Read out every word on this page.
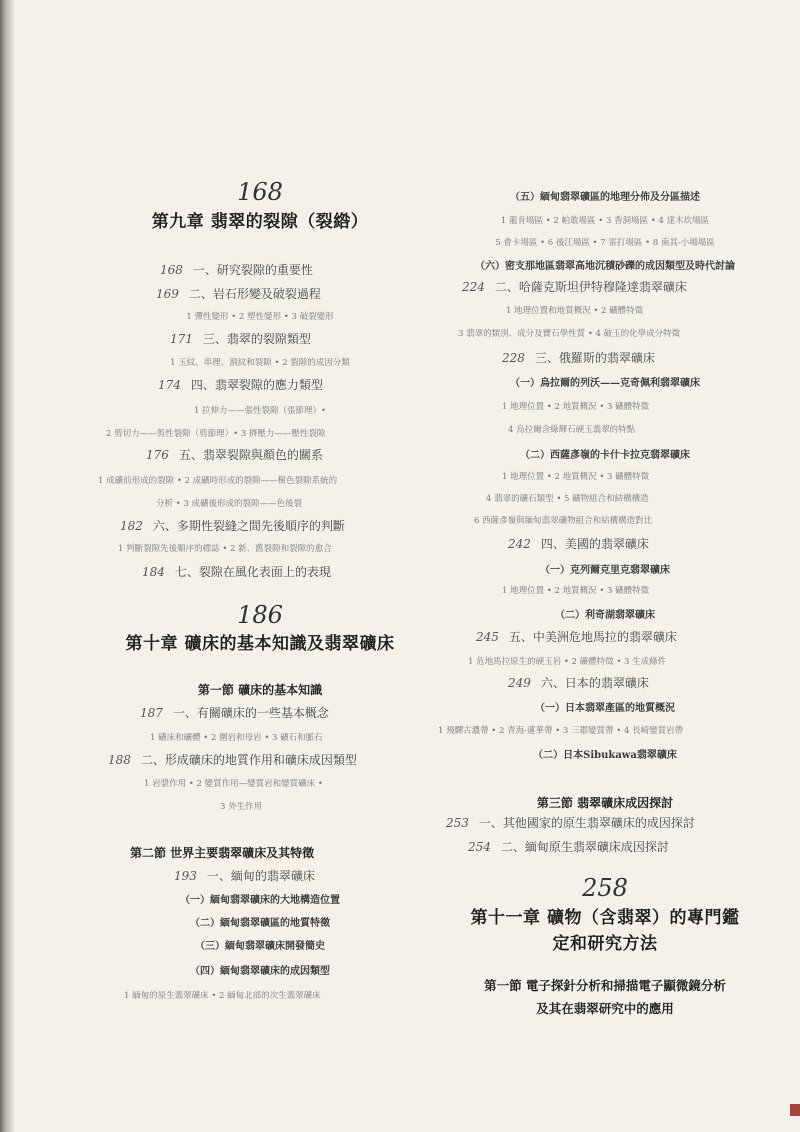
168
第九章 翡翠的裂隙（裂綹）
168 一、研究裂隙的重要性
169 二、岩石形變及破裂過程
1 彈性變形 • 2 塑性變形 • 3 破裂變形
171 三、翡翠的裂隙類型
1 玉紋、串理、割紋和裂隙 • 2 裂隙的成因分類
174 四、翡翠裂隙的應力類型
1 拉伸力——張性裂隙（張節理）•
2 剪切力——剪性裂隙（剪節理）• 3 擠壓力——壓性裂隙
176 五、翡翠裂隙與顏色的關系
1 成礦前形成的裂隙 • 2 成礦時形成的裂隙——樹色裂隙系統的
分析 • 3 成礦後形成的裂隙——色後裂
182 六、多期性裂縫之間先後順序的判斷
1 判斷裂隙先後順序的標誌 • 2 新、舊裂隙和裂隙的愈合
184 七、裂隙在風化表面上的表現
186
第十章 礦床的基本知識及翡翠礦床
第一節 礦床的基本知識
187 一、有關礦床的一些基本概念
1 礦床和礦體 • 2 圍岩和母岩 • 3 礦石和脈石
188 二、形成礦床的地質作用和礦床成因類型
1 岩漿作用 • 2 變質作用—變質岩和變質礦床 •
3 外生作用
第二節 世界主要翡翠礦床及其特徵
193 一、緬甸的翡翠礦床
（一）緬甸翡翠礦床的大地構造位置
（二）緬甸翡翠礦區的地質特徵
（三）緬甸翡翠礦床開發簡史
（四）緬甸翡翠礦床的成因類型
1 緬甸的原生翡翠礦床 • 2 緬甸北部的次生翡翠礦床
（五）緬甸翡翠礦區的地理分佈及分區描述
1 龍肯場區 • 2 帕敢場區 • 3 香洞場區 • 4 達木坎場區
5 會卡場區 • 6 後江場區 • 7 雷打場區 • 8 南其-小場場區
（六）密支那地區翡翠高地沉積砂礫的成因類型及時代討論
224 二、哈薩克斯坦伊特穆隆達翡翠礦床
1 地理位置和地質概況 • 2 礦體特徵
3 翡翠的類別、成分及寶石學性質 • 4 破玉的化學成分特徵
228 三、俄羅斯的翡翠礦床
（一）烏拉爾的列沃——克奇佩利翡翠礦床
1 地理位置 • 2 地質概況 • 3 礦體特徵
4 烏拉爾含綠輝石硬玉翡翠的特點
（二）西薩彥嶺的卡什卡拉克翡翠礦床
1 地理位置 • 2 地質概況 • 3 礦體特徵
4 翡翠的礦石類型 • 5 礦物組合和結構構造
6 西薩彥嶺與緬甸翡翠礦物組合和結構構造對比
242 四、美國的翡翠礦床
（一）克列爾克里克翡翠礦床
1 地理位置 • 2 地質概況 • 3 礦體特徵
（二）利奇湖翡翠礦床
245 五、中美洲危地馬拉的翡翠礦床
1 危地馬拉原生的硬玉岩 • 2 礦體特徵 • 3 生成條件
249 六、日本的翡翠礦床
（一）日本翡翠產區的地質概況
1 飛驒古濃帶 • 2 青海-蓮華帶 • 3 三郡變質帶 • 4 長崎變質岩帶
（二）日本Sibukawa翡翠礦床
第三節 翡翠礦床成因探討
253 一、其他國家的原生翡翠礦床的成因探討
254 二、緬甸原生翡翠礦床成因探討
258
第十一章 礦物（含翡翠）的專門鑑
定和研究方法
第一節 電子探針分析和掃描電子顯微鏡分析
及其在翡翠研究中的應用
